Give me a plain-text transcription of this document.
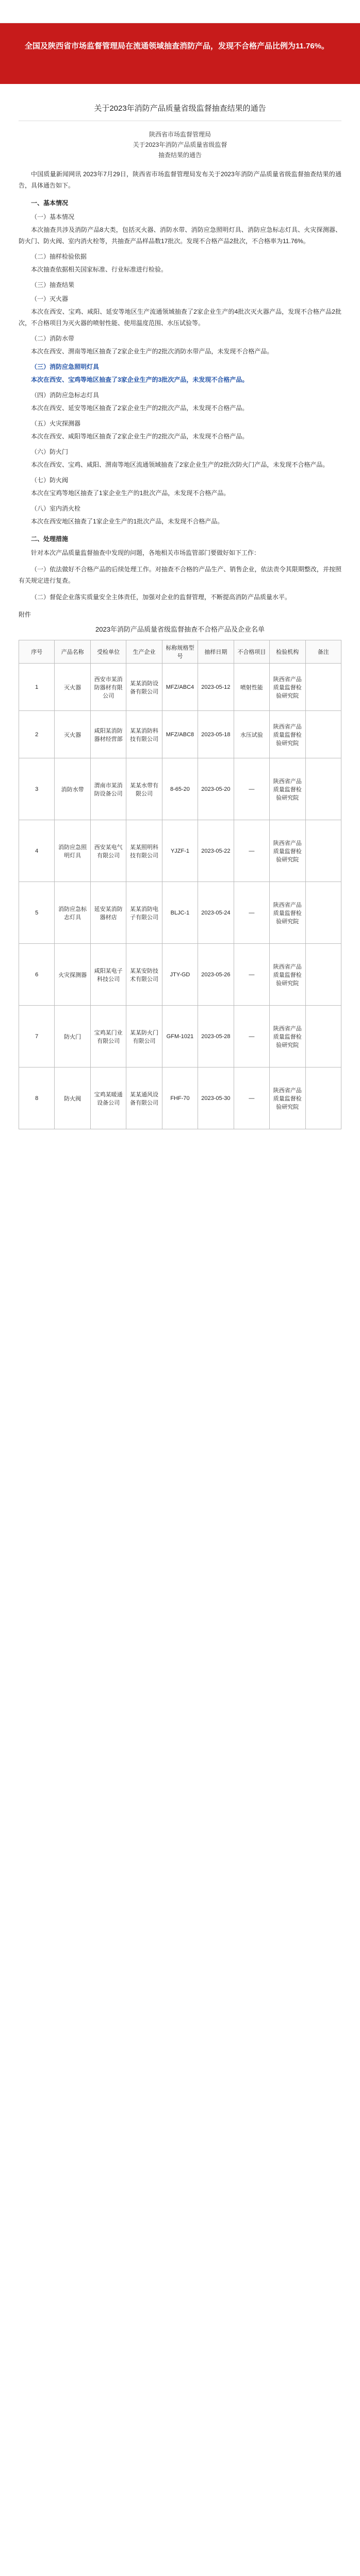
全国及陕西省市场监督管理局在流通领域抽查消防产品，发现不合格产品比例为11.76%。
关于2023年消防产品质量省级监督抽查结果的通告
陕西省市场监督管理局
关于2023年消防产品质量省级监督
抽查结果的通告

中国质量新闻网讯 2023年7月29日，陕西省市场监督管理局发布关于2023年消防产品质量省级监督抽查结果的通告，具体通告如下。

一、基本情况
（一）基本情况

本次抽查共涉及消防产品8大类，包括灭火器、消防水带、消防应急照明灯具、消防应急标志灯具、火灾探测器、防火门、防火阀、室内消火栓等，共抽查产品样品数17批次。发现不合格产品2批次，不合格率为11.76%。

（二）抽样检验依据

本次抽查依据相关国家标准、行业标准进行检验。

（三）抽查结果
（一）灭火器

本次在西安、宝鸡、咸阳、延安等地区生产流通领域抽查了2家企业生产的4批次灭火器产品，发现不合格产品2批次，不合格项目为灭火器的喷射性能、使用温度范围、水压试验等。

（二）消防水带

本次在西安、渭南等地区抽查了2家企业生产的2批次消防水带产品，未发现不合格产品。

（三）消防应急照明灯具

本次在西安、宝鸡等地区抽查了3家企业生产的3批次产品，未发现不合格产品。

（四）消防应急标志灯具

本次在西安、延安等地区抽查了2家企业生产的2批次产品，未发现不合格产品。

（五）火灾探测器

本次在西安、咸阳等地区抽查了2家企业生产的2批次产品，未发现不合格产品。

（六）防火门

本次在西安、宝鸡、咸阳、渭南等地区流通领域抽查了2家企业生产的2批次防火门产品，未发现不合格产品。

（七）防火阀

本次在宝鸡等地区抽查了1家企业生产的1批次产品，未发现不合格产品。

（八）室内消火栓

本次在西安地区抽查了1家企业生产的1批次产品，未发现不合格产品。

二、处理措施

针对本次产品质量监督抽查中发现的问题，各地相关市场监管部门要做好如下工作：

（一）依法做好不合格产品的后续处理工作。对抽查不合格的产品生产、销售企业，依法责令其限期整改，并按照有关规定进行复查。

（二）督促企业落实质量安全主体责任，加强对企业的监督管理，不断提高消防产品质量水平。

附件
2023年消防产品质量省级监督抽查不合格产品及企业名单
序号	产品名称	受检单位	生产企业	标称规格型号	抽样日期	不合格项目	检验机构	备注
1	灭火器	西安市某消防器材有限公司	某某消防设备有限公司	MFZ/ABC4	2023-05-12	喷射性能	陕西省产品质量监督检验研究院	
2	灭火器	咸阳某消防器材经营部	某某消防科技有限公司	MFZ/ABC8	2023-05-18	水压试验	陕西省产品质量监督检验研究院	
3	消防水带	渭南市某消防设备公司	某某水带有限公司	8-65-20	2023-05-20	—	陕西省产品质量监督检验研究院	
4	消防应急照明灯具	西安某电气有限公司	某某照明科技有限公司	YJZF-1	2023-05-22	—	陕西省产品质量监督检验研究院	
5	消防应急标志灯具	延安某消防器材店	某某消防电子有限公司	BLJC-1	2023-05-24	—	陕西省产品质量监督检验研究院	
6	火灾探测器	咸阳某电子科技公司	某某安防技术有限公司	JTY-GD	2023-05-26	—	陕西省产品质量监督检验研究院	
7	防火门	宝鸡某门业有限公司	某某防火门有限公司	GFM-1021	2023-05-28	—	陕西省产品质量监督检验研究院	
8	防火阀	宝鸡某暖通设备公司	某某通风设备有限公司	FHF-70	2023-05-30	—	陕西省产品质量监督检验研究院	
